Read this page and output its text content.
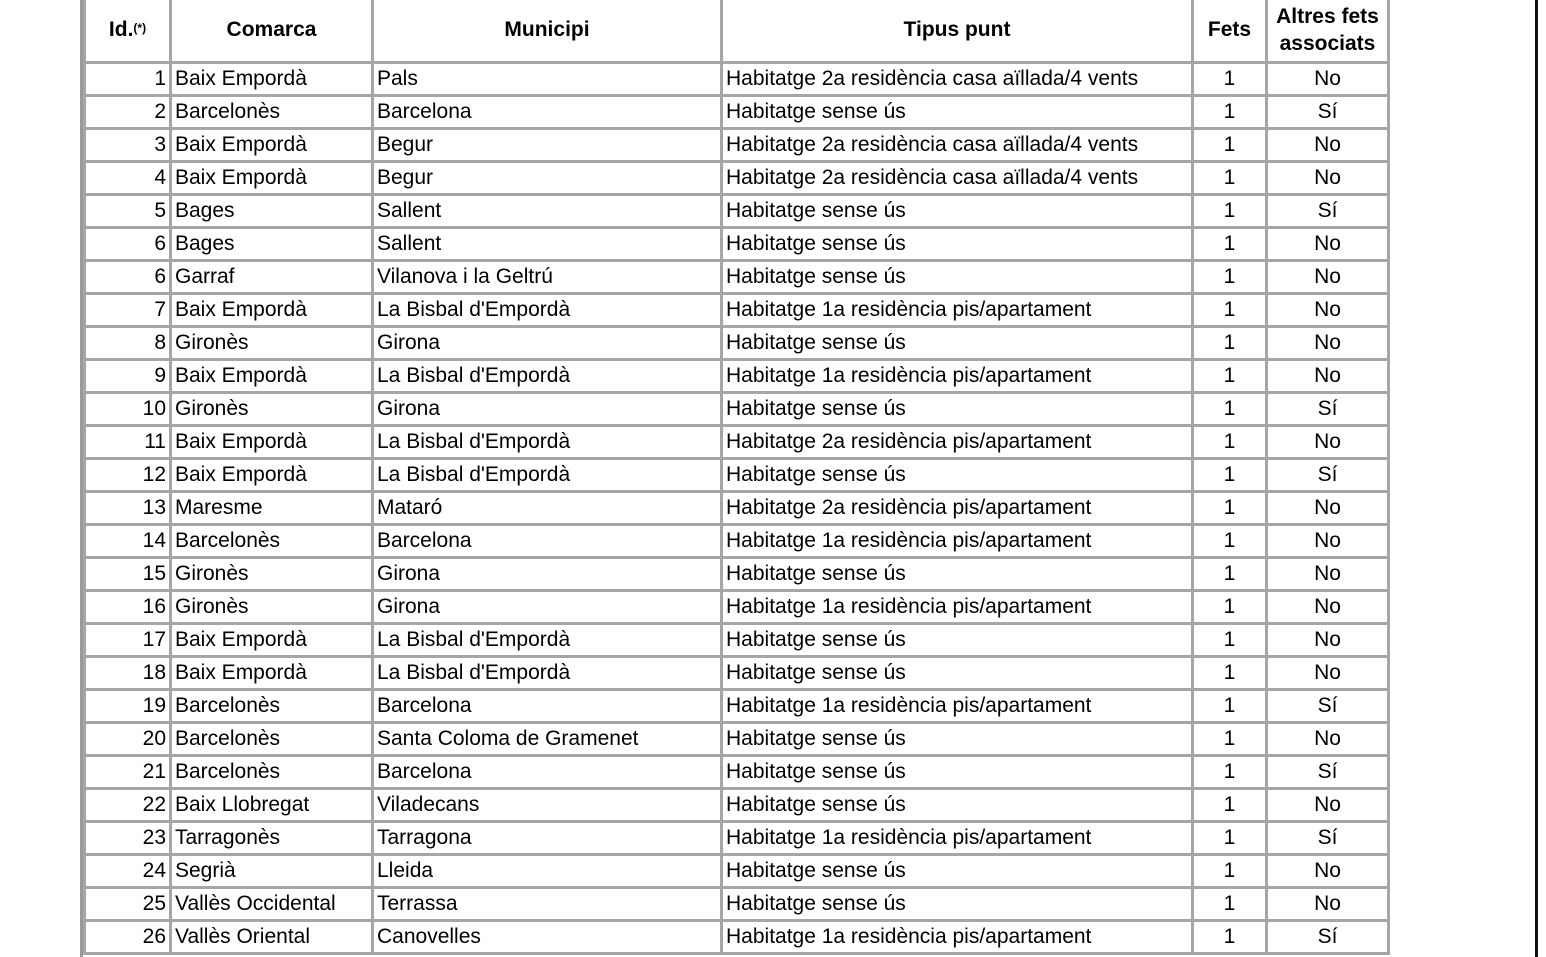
Id.(*)	Comarca	Municipi	Tipus punt	Fets	Altres fets
associats

1	Baix Empordà	Pals	Habitatge 2a residència casa aïllada/4 vents	1	No
2	Barcelonès	Barcelona	Habitatge sense ús	1	Sí
3	Baix Empordà	Begur	Habitatge 2a residència casa aïllada/4 vents	1	No
4	Baix Empordà	Begur	Habitatge 2a residència casa aïllada/4 vents	1	No
5	Bages	Sallent	Habitatge sense ús	1	Sí
6	Bages	Sallent	Habitatge sense ús	1	No
6	Garraf	Vilanova i la Geltrú	Habitatge sense ús	1	No
7	Baix Empordà	La Bisbal d'Empordà	Habitatge 1a residència pis/apartament	1	No
8	Gironès	Girona	Habitatge sense ús	1	No
9	Baix Empordà	La Bisbal d'Empordà	Habitatge 1a residència pis/apartament	1	No
10	Gironès	Girona	Habitatge sense ús	1	Sí
11	Baix Empordà	La Bisbal d'Empordà	Habitatge 2a residència pis/apartament	1	No
12	Baix Empordà	La Bisbal d'Empordà	Habitatge sense ús	1	Sí
13	Maresme	Mataró	Habitatge 2a residència pis/apartament	1	No
14	Barcelonès	Barcelona	Habitatge 1a residència pis/apartament	1	No
15	Gironès	Girona	Habitatge sense ús	1	No
16	Gironès	Girona	Habitatge 1a residència pis/apartament	1	No
17	Baix Empordà	La Bisbal d'Empordà	Habitatge sense ús	1	No
18	Baix Empordà	La Bisbal d'Empordà	Habitatge sense ús	1	No
19	Barcelonès	Barcelona	Habitatge 1a residència pis/apartament	1	Sí
20	Barcelonès	Santa Coloma de Gramenet	Habitatge sense ús	1	No
21	Barcelonès	Barcelona	Habitatge sense ús	1	Sí
22	Baix Llobregat	Viladecans	Habitatge sense ús	1	No
23	Tarragonès	Tarragona	Habitatge 1a residència pis/apartament	1	Sí
24	Segrià	Lleida	Habitatge sense ús	1	No
25	Vallès Occidental	Terrassa	Habitatge sense ús	1	No
26	Vallès Oriental	Canovelles	Habitatge 1a residència pis/apartament	1	Sí
